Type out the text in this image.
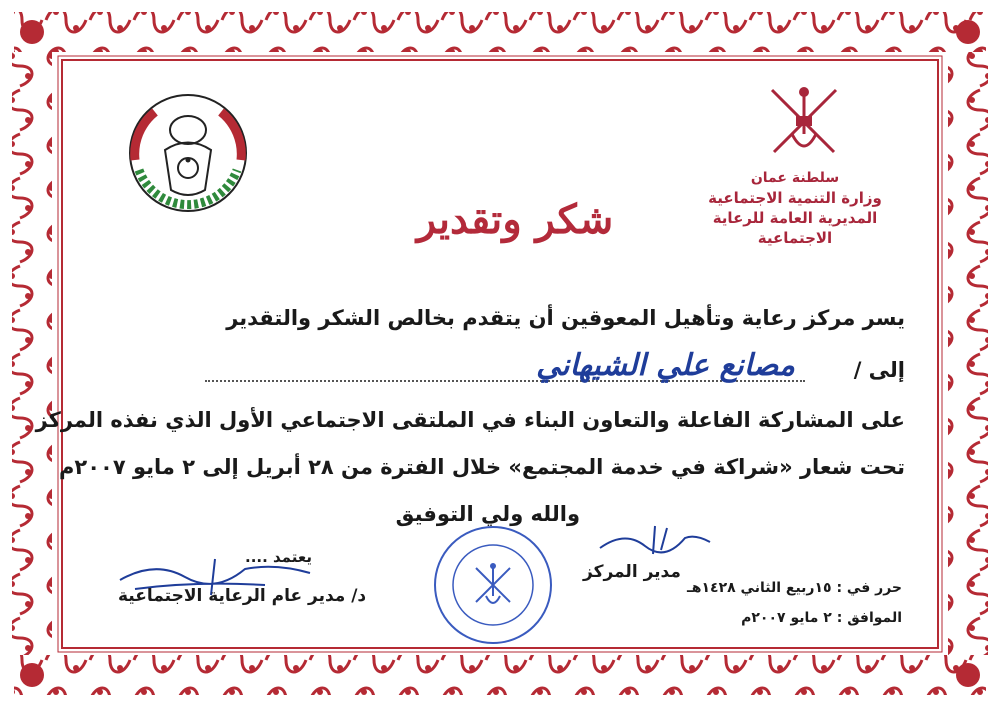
سلطنة عمان
وزارة التنمية الاجتماعية
المديرية العامة للرعاية الاجتماعية
شكر وتقدير
يسر مركز رعاية وتأهيل المعوقين أن يتقدم بخالص الشكر والتقدير
إلى /
مصانع علي الشيهاني
على المشاركة الفاعلة والتعاون البناء في الملتقى الاجتماعي الأول الذي نفذه المركز
تحت شعار «شراكة في خدمة المجتمع» خلال الفترة من ٢٨ أبريل إلى ٢ مايو ٢٠٠٧م
والله ولي التوفيق
مدير المركز
يعتمد ....
د/ مدير عام الرعاية الاجتماعية	حرر في : ١٥ربيع الثاني ١٤٢٨هـ
الموافق : ٢ مايو ٢٠٠٧م
